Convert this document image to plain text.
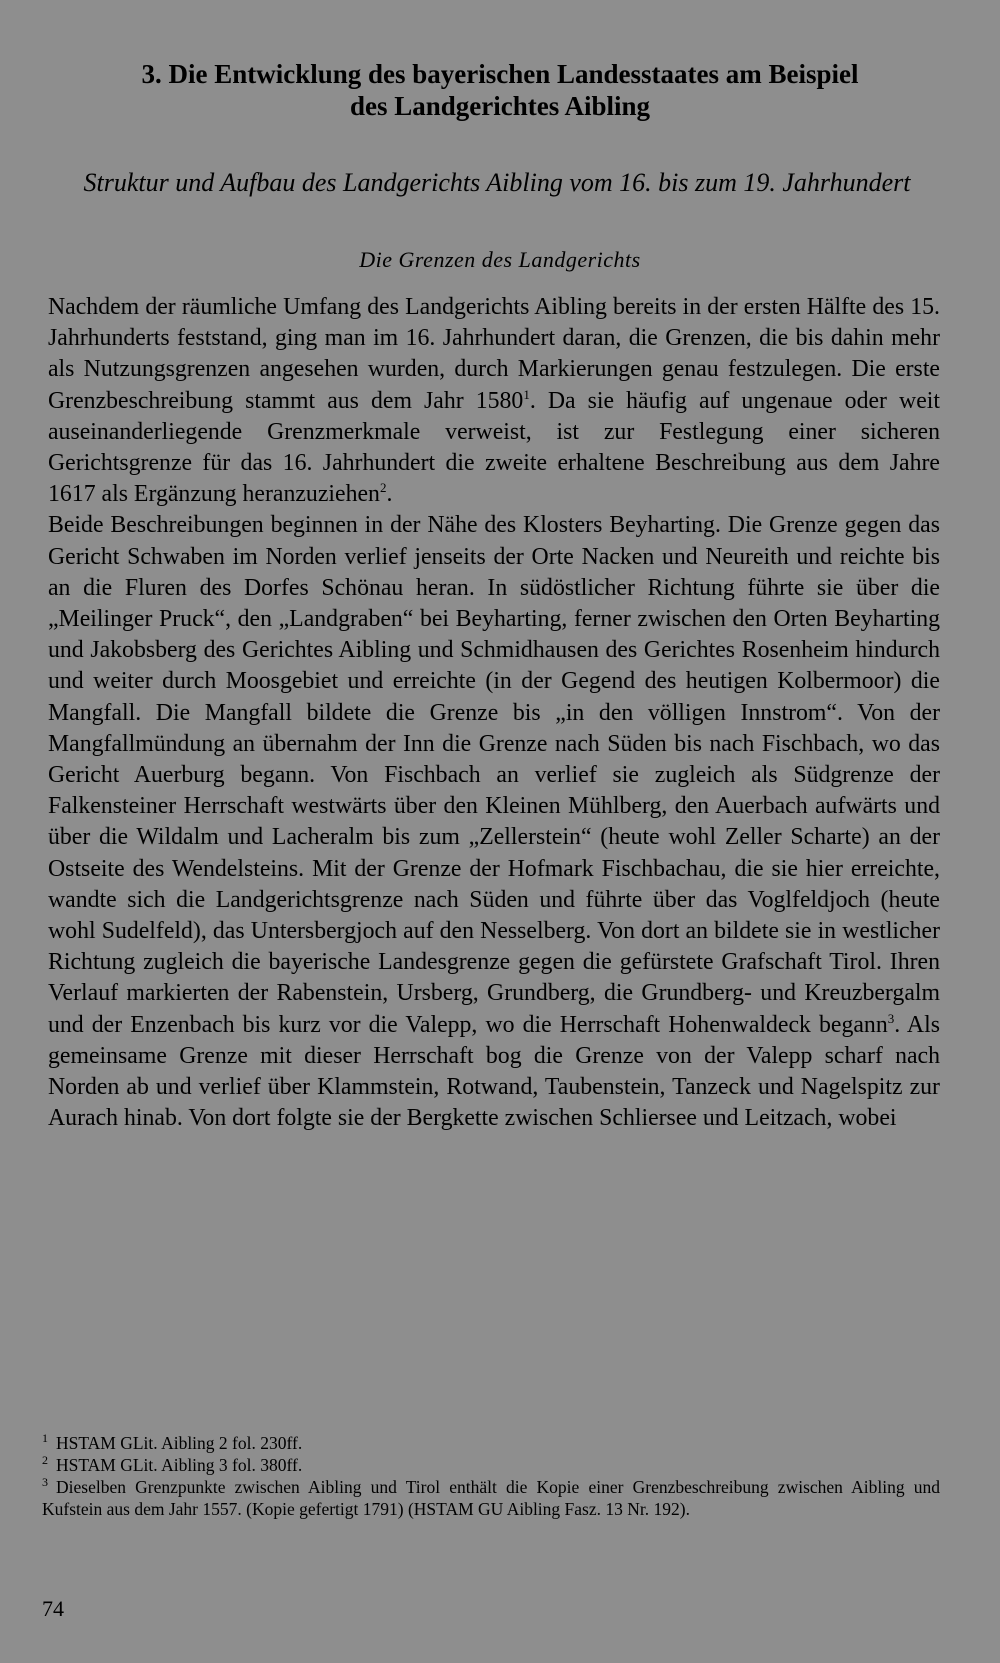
3. Die Entwicklung des bayerischen Landesstaates am Beispiel
des Landgerichtes Aibling
Struktur und Aufbau des Landgerichts Aibling vom 16. bis zum 19. Jahrhundert
Die Grenzen des Landgerichts

Nachdem der räumliche Umfang des Landgerichts Aibling bereits in der ersten Hälfte des 15. Jahrhunderts feststand, ging man im 16. Jahrhundert daran, die Grenzen, die bis dahin mehr als Nutzungsgrenzen angesehen wurden, durch Markierungen genau festzulegen. Die erste Grenzbeschreibung stammt aus dem Jahr 1580$^1$. Da sie häufig auf ungenaue oder weit auseinanderliegende Grenzmerkmale verweist, ist zur Festlegung einer sicheren Gerichtsgrenze für das 16. Jahrhundert die zweite erhaltene Beschreibung aus dem Jahre 1617 als Ergänzung heranzuziehen$^2$.

Beide Beschreibungen beginnen in der Nähe des Klosters Beyharting. Die Grenze gegen das Gericht Schwaben im Norden verlief jenseits der Orte Nacken und Neureith und reichte bis an die Fluren des Dorfes Schönau heran. In südöstlicher Richtung führte sie über die „Meilinger Pruck“, den „Landgraben“ bei Beyharting, ferner zwischen den Orten Beyharting und Jakobsberg des Gerichtes Aibling und Schmidhausen des Gerichtes Rosenheim hindurch und weiter durch Moosgebiet und erreichte (in der Gegend des heutigen Kolbermoor) die Mangfall. Die Mangfall bildete die Grenze bis „in den völligen Innstrom“. Von der Mangfallmündung an übernahm der Inn die Grenze nach Süden bis nach Fischbach, wo das Gericht Auerburg begann. Von Fischbach an verlief sie zugleich als Südgrenze der Falkensteiner Herrschaft westwärts über den Kleinen Mühlberg, den Auerbach aufwärts und über die Wildalm und Lacheralm bis zum „Zellerstein“ (heute wohl Zeller Scharte) an der Ostseite des Wendelsteins. Mit der Grenze der Hofmark Fischbachau, die sie hier erreichte, wandte sich die Landgerichtsgrenze nach Süden und führte über das Voglfeldjoch (heute wohl Sudelfeld), das Untersbergjoch auf den Nesselberg. Von dort an bildete sie in westlicher Richtung zugleich die bayerische Landesgrenze gegen die gefürstete Grafschaft Tirol. Ihren Verlauf markierten der Rabenstein, Ursberg, Grundberg, die Grundberg- und Kreuzbergalm und der Enzenbach bis kurz vor die Valepp, wo die Herrschaft Hohenwaldeck begann$^3$. Als gemeinsame Grenze mit dieser Herrschaft bog die Grenze von der Valepp scharf nach Norden ab und verlief über Klammstein, Rotwand, Taubenstein, Tanzeck und Nagelspitz zur Aurach hinab. Von dort folgte sie der Bergkette zwischen Schliersee und Leitzach, wobei

$^1$ HSTAM GLit. Aibling 2 fol. 230ff.

$^2$ HSTAM GLit. Aibling 3 fol. 380ff.

$^3$ Dieselben Grenzpunkte zwischen Aibling und Tirol enthält die Kopie einer Grenzbeschreibung zwischen Aibling und Kufstein aus dem Jahr 1557. (Kopie gefertigt 1791) (HSTAM GU Aibling Fasz. 13 Nr. 192).

74
